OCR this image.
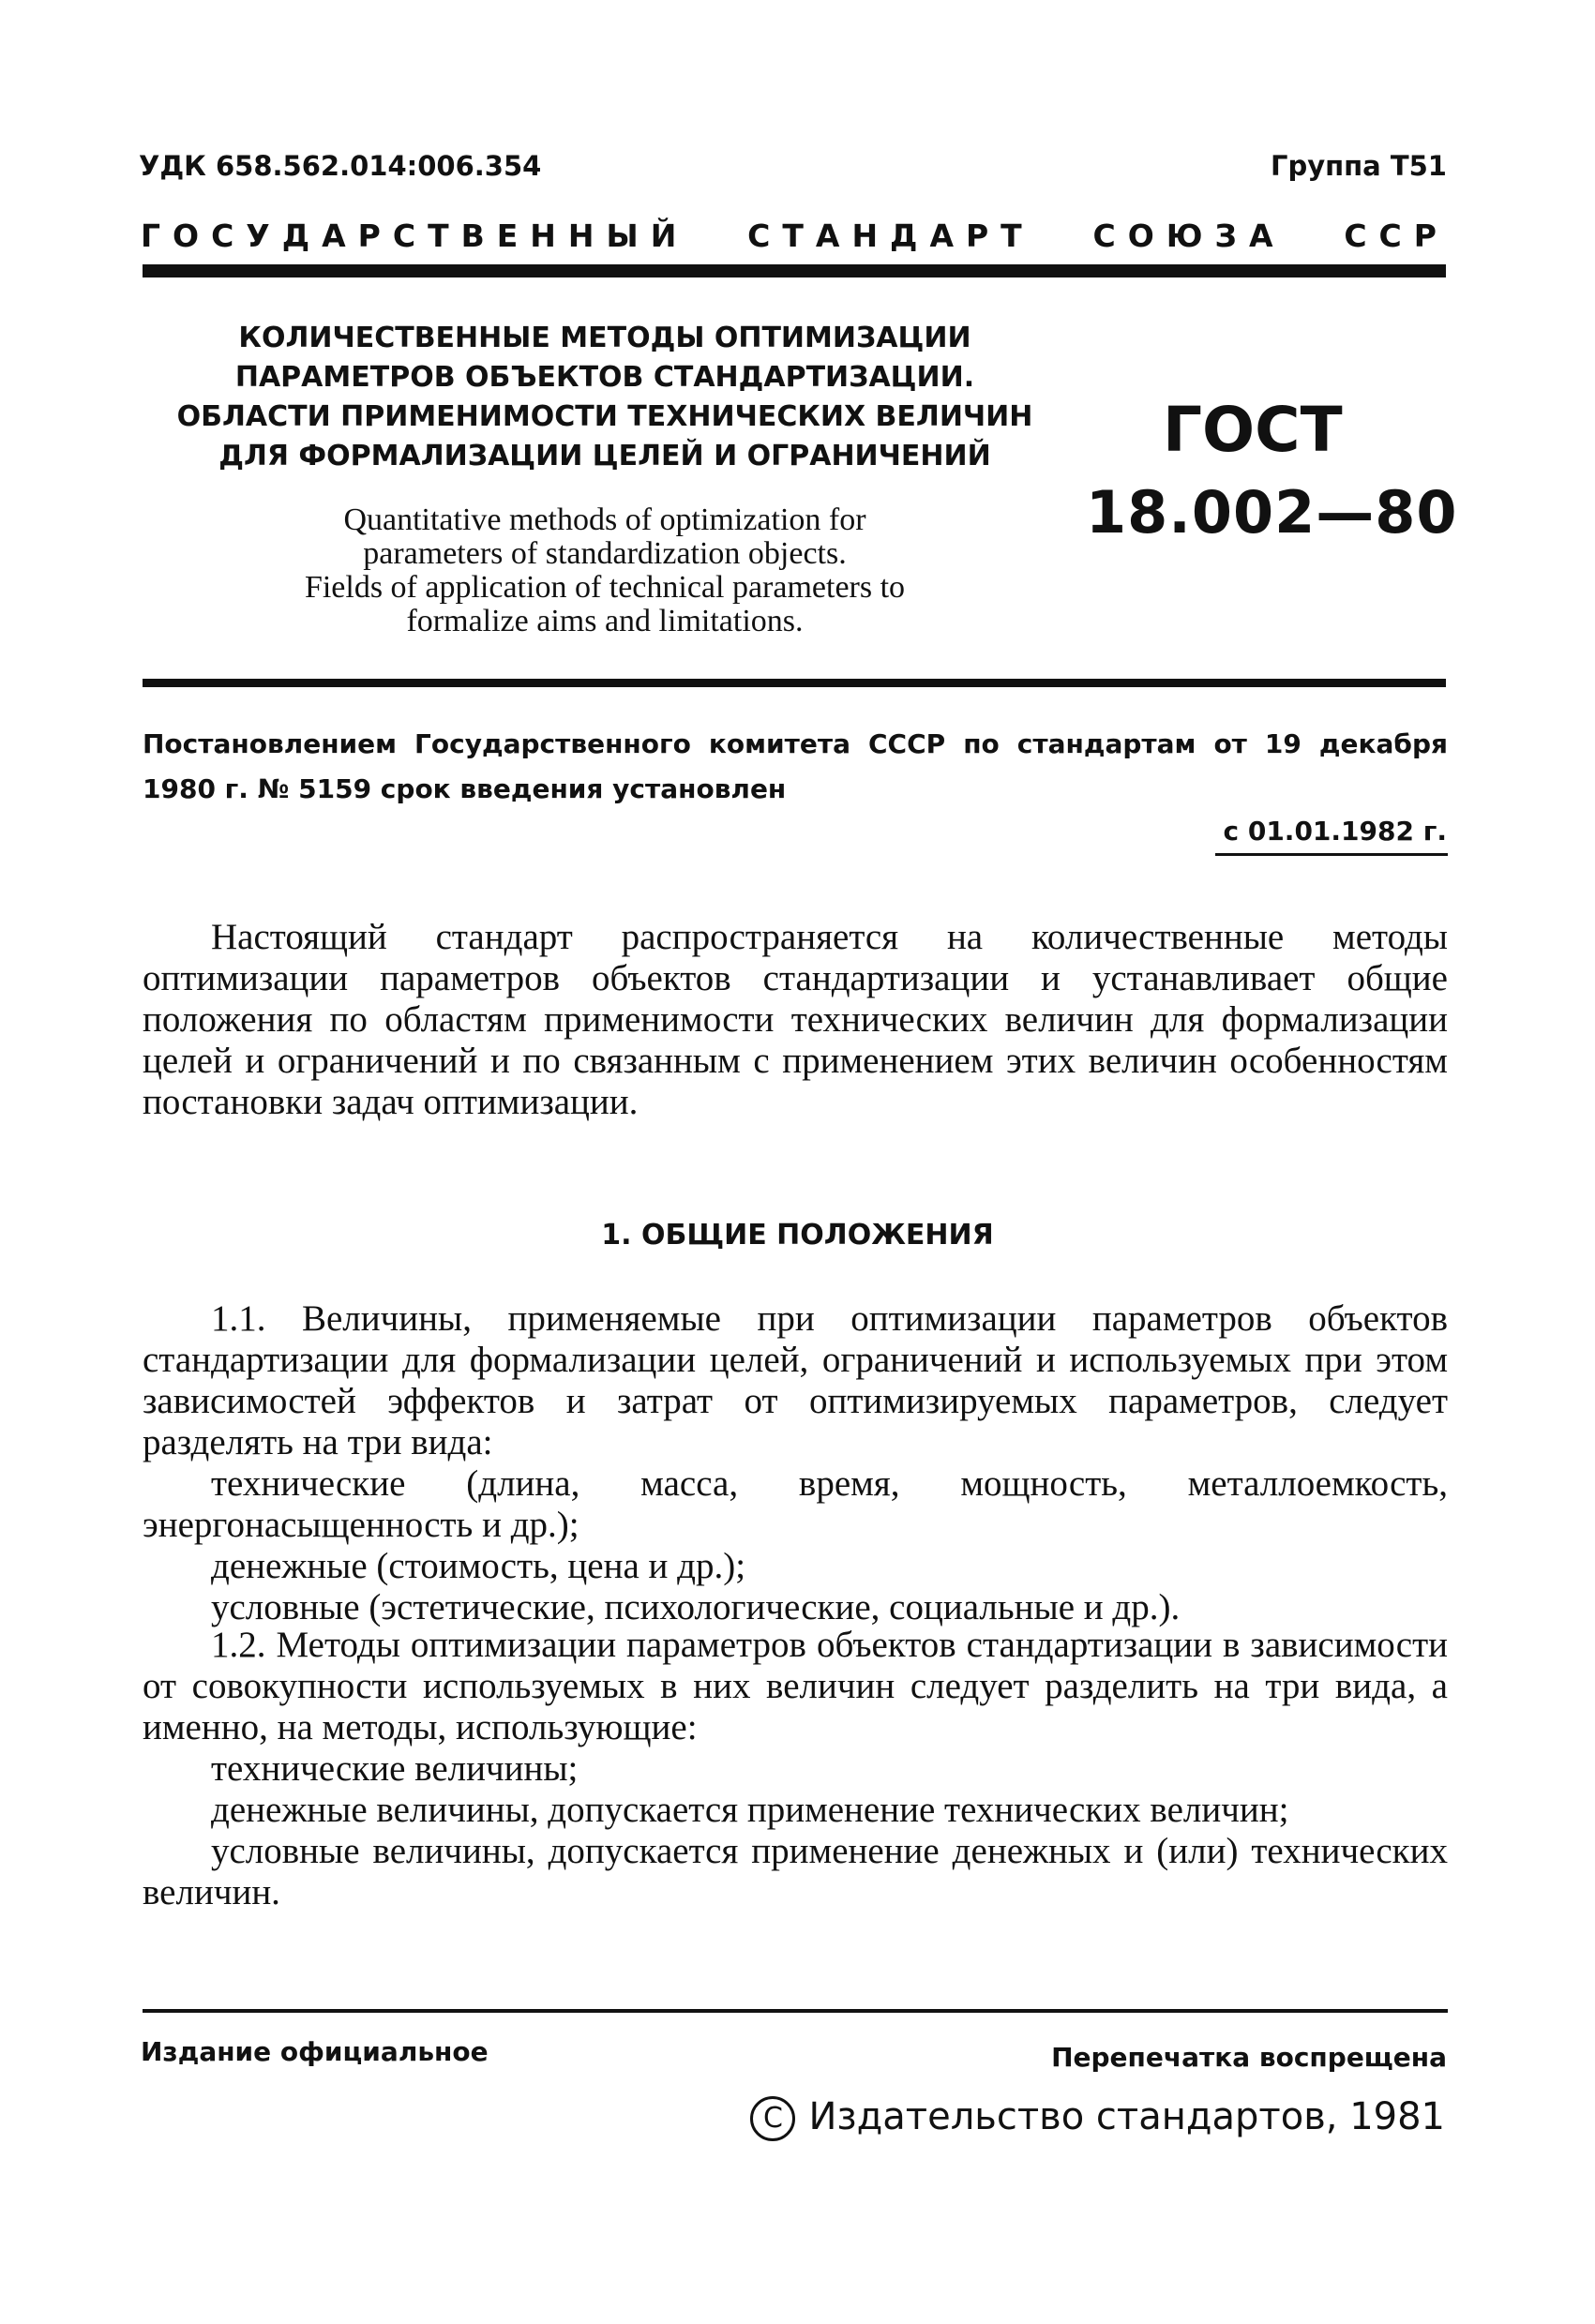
УДК 658.562.014:006.354	Группа Т51
ГОСУДАРСТВЕННЫЙ СТАНДАРТ СОЮЗА ССР
КОЛИЧЕСТВЕННЫЕ МЕТОДЫ ОПТИМИЗАЦИИ
ПАРАМЕТРОВ ОБЪЕКТОВ СТАНДАРТИЗАЦИИ.
ОБЛАСТИ ПРИМЕНИМОСТИ ТЕХНИЧЕСКИХ ВЕЛИЧИН
ДЛЯ ФОРМАЛИЗАЦИИ ЦЕЛЕЙ И ОГРАНИЧЕНИЙ
Quantitative methods of optimization for
parameters of standardization objects.
Fields of application of technical parameters to
formalize aims and limitations.
ГОСТ
18.002—80

Постановлением Государственного комитета СССР по стандартам от 19 декабря 1980 г. № 5159 срок введения установлен

с 01.01.1982 г.

Настоящий стандарт распространяется на количественные методы оптимизации параметров объектов стандартизации и устанавливает общие положения по областям применимости технических величин для формализации целей и ограничений и по связанным с применением этих величин особенностям постановки задач оптимизации.

1. ОБЩИЕ ПОЛОЖЕНИЯ

1.1. Величины, применяемые при оптимизации параметров объектов стандартизации для формализации целей, ограничений и используемых при этом зависимостей эффектов и затрат от оптимизируемых параметров, следует разделять на три вида:

технические (длина, масса, время, мощность, металлоемкость, энергонасыщенность и др.);

денежные (стоимость, цена и др.);

условные (эстетические, психологические, социальные и др.).

1.2. Методы оптимизации параметров объектов стандартизации в зависимости от совокупности используемых в них величин следует разделить на три вида, а именно, на методы, использующие:

технические величины;

денежные величины, допускается применение технических величин;

условные величины, допускается применение денежных и (или) технических величин.

Издание официальное	Перепечатка воспрещена
C Издательство стандартов, 1981
